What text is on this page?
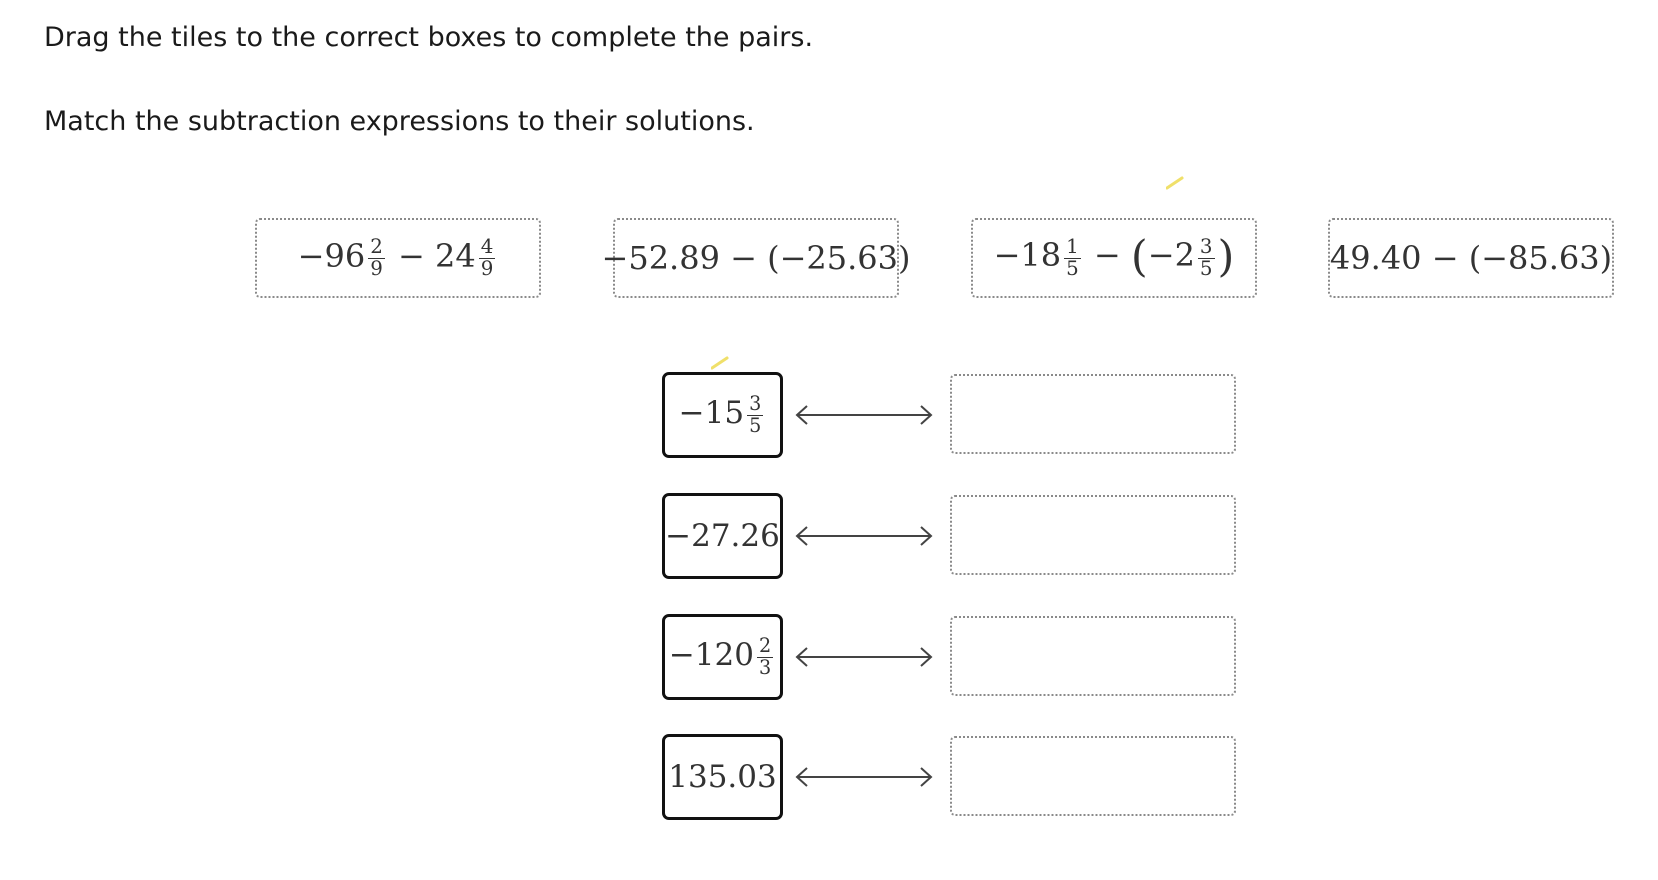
Drag the tiles to the correct boxes to complete the pairs.

Match the subtraction expressions to their solutions.

$-96 \frac{2}{9} - 24 \frac{4}{9}$	−52.89 − (−25.63)	$-18 \frac{1}{5} - (-2 \frac{3}{5}$ )	49.40 − (−85.63)
$-15 \frac{3}{5}$
−27.26
$-120 \frac{2}{3}$
135.03
